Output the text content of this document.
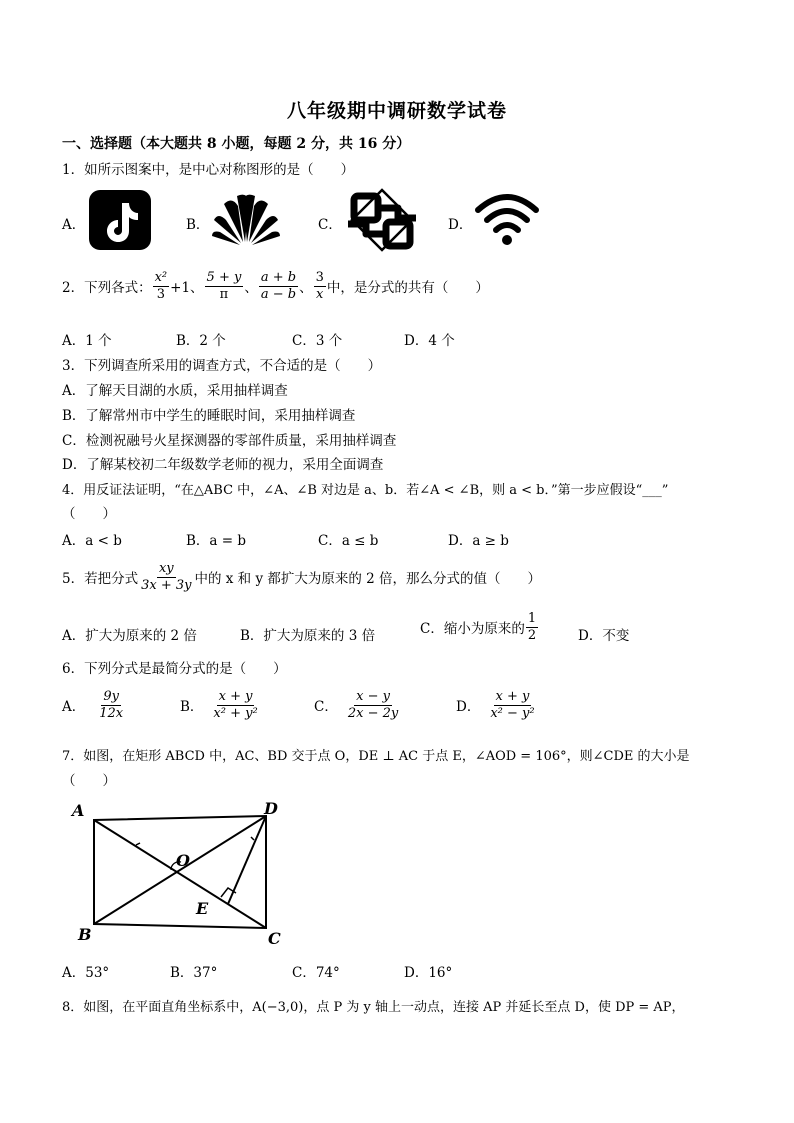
八年级期中调研数学试卷
一、选择题（本大题共 8 小题，每题 2 分，共 16 分）
1．如所示图案中，是中心对称图形的是（　　）
A．	B．	C．	D．
2．下列各式： $\frac{\text{x²}}{3} +1$、 $\frac{5 + y}{\pi}$ 、 $\frac{a + b}{a - b}$ 、 $\frac{3}{x}$ 中，是分式的共有（　　）
A．1 个	B．2 个	C．3 个	D．4 个
3．下列调查所采用的调查方式，不合适的是（　　）
A．了解天目湖的水质，采用抽样调查
B．了解常州市中学生的睡眠时间，采用抽样调查
C．检测祝融号火星探测器的零部件质量，采用抽样调查
D．了解某校初二年级数学老师的视力，采用全面调查
4．用反证法证明，“在△ABC 中，∠A、∠B 对边是 a、b．若∠A < ∠B，则 a < b．”第一步应假设“___”
（　　）
A．a < b	B．a = b	C．a ≤ b	D．a ≥ b
5．若把分式 $\frac{xy}{3x + 3y}$ 中的 x 和 y 都扩大为原来的 2 倍，那么分式的值（　　）
A．扩大为原来的 2 倍	B．扩大为原来的 3 倍	C．缩小为原来的 $\frac{1}{2}$	D．不变
6．下列分式是最简分式的是（　　）
A． $\frac{9y}{12x}$	B． $\frac{x + y}{\text{x² + y²}}$	C． $\frac{x - y}{2x - 2y}$	D． $\frac{x + y}{\text{x² − y²}}$
7．如图，在矩形 ABCD 中，AC、BD 交于点 O，DE ⊥ AC 于点 E，∠AOD = 106°，则∠CDE 的大小是
（　　）
A
B	C
D
O
E
A．53°	B．37°	C．74°	D．16°
8．如图，在平面直角坐标系中，A(−3,0)，点 P 为 y 轴上一动点，连接 AP 并延长至点 D，使 DP = AP，
